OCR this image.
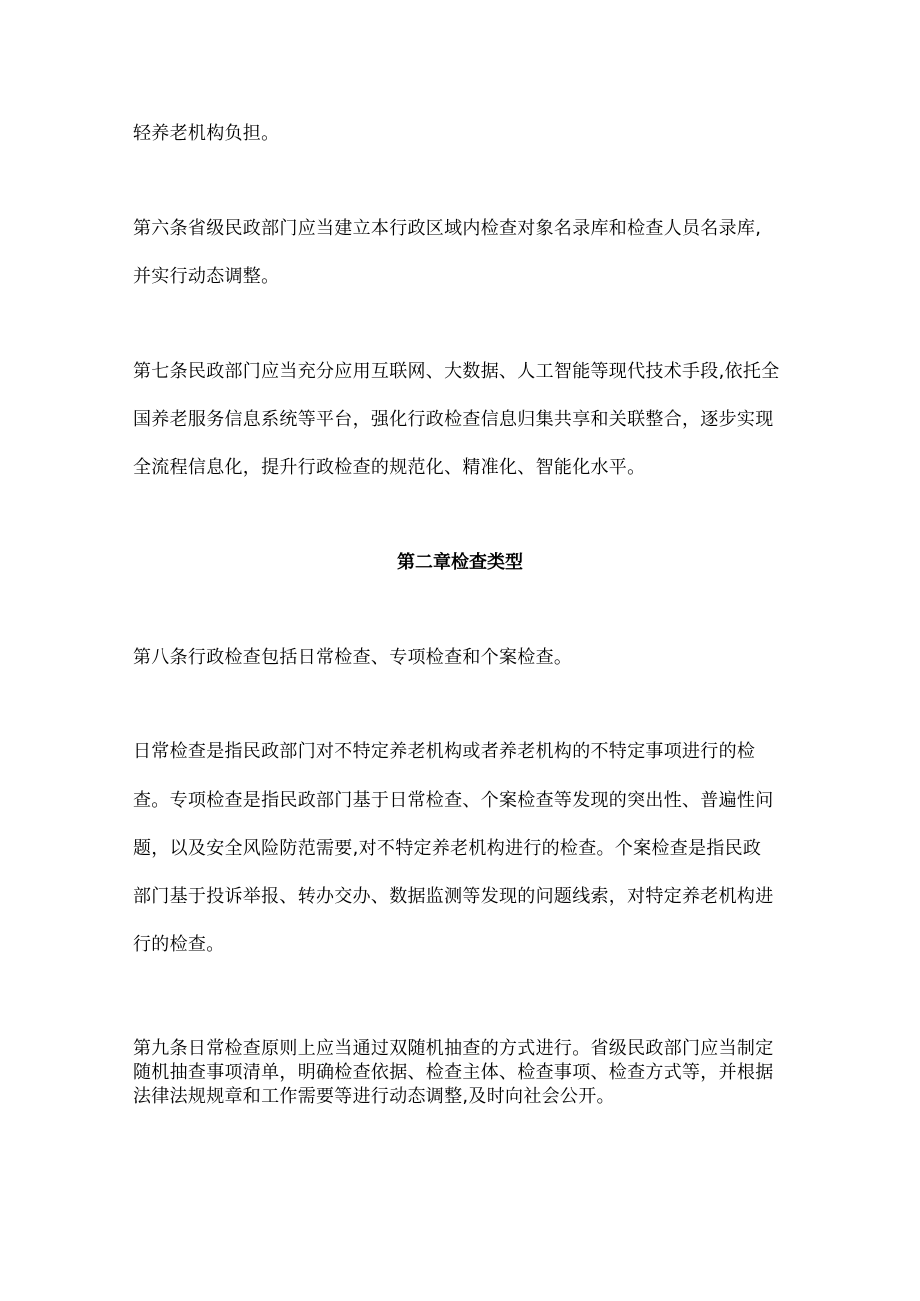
轻养老机构负担。
第六条省级民政部门应当建立本行政区域内检查对象名录库和检查人员名录库,
并实行动态调整。
第七条民政部门应当充分应用互联网、大数据、人工智能等现代技术手段,依托全
国养老服务信息系统等平台，强化行政检查信息归集共享和关联整合，逐步实现
全流程信息化，提升行政检查的规范化、精准化、智能化水平。
第二章检查类型
第八条行政检查包括日常检查、专项检查和个案检查。
日常检查是指民政部门对不特定养老机构或者养老机构的不特定事项进行的检
查。专项检查是指民政部门基于日常检查、个案检查等发现的突出性、普遍性问
题，以及安全风险防范需要,对不特定养老机构进行的检查。个案检查是指民政
部门基于投诉举报、转办交办、数据监测等发现的问题线索，对特定养老机构进
行的检查。
第九条日常检查原则上应当通过双随机抽查的方式进行。省级民政部门应当制定
随机抽查事项清单，明确检查依据、检查主体、检查事项、检查方式等，并根据
法律法规规章和工作需要等进行动态调整,及时向社会公开。
